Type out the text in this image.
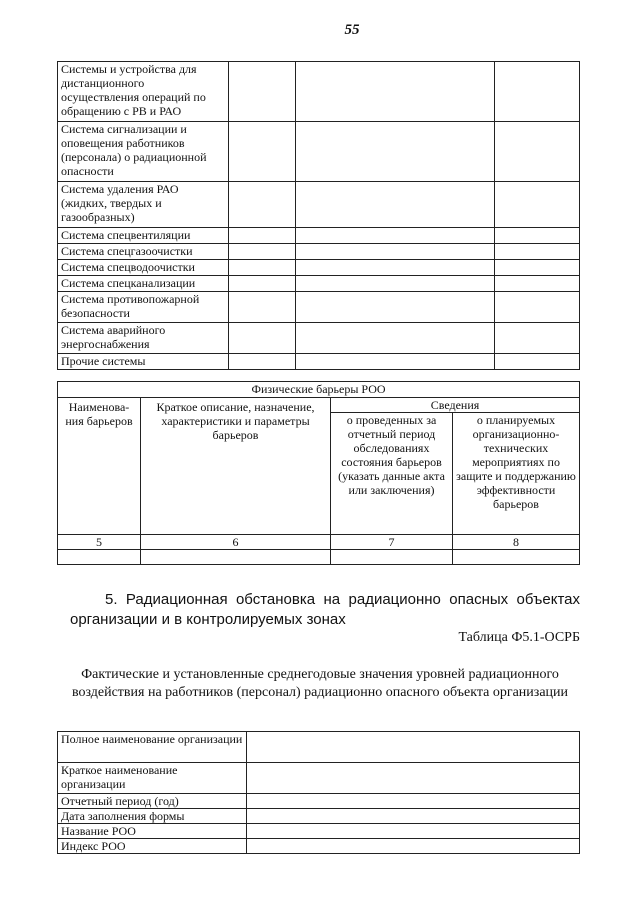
55
Системы и устройства для дистанционного осуществления операций по обращению с РВ и РАО			
Система сигнализации и оповещения работников (персонала) о радиационной опасности			
Система удаления РАО (жидких, твердых и газообразных)			
Система спецвентиляции			
Система спецгазоочистки			
Система спецводоочистки			
Система спецканализации			
Система противопожарной безопасности			
Система аварийного энергоснабжения			
Прочие системы			
Физические барьеры РОО			
Наименова-ния барьеров	Краткое описание, назначение, характеристики и параметры барьеров	Сведения	
		о проведенных за отчетный период обследованиях состояния барьеров (указать данные акта или заключения)	о планируемых организационно-технических мероприятиях по защите и поддержанию эффективности барьеров
5	6	7	8

5. Радиационная обстановка на радиационно опасных объектах организации и в контролируемых зонах
Таблица Ф5.1-ОСРБ
Фактические и установленные среднегодовые значения уровней радиационного воздействия на работников (персонал) радиационно опасного объекта организации
Полное наименование организации	
Краткое наименование организации	
Отчетный период (год)	
Дата заполнения формы	
Название РОО	
Индекс РОО	
